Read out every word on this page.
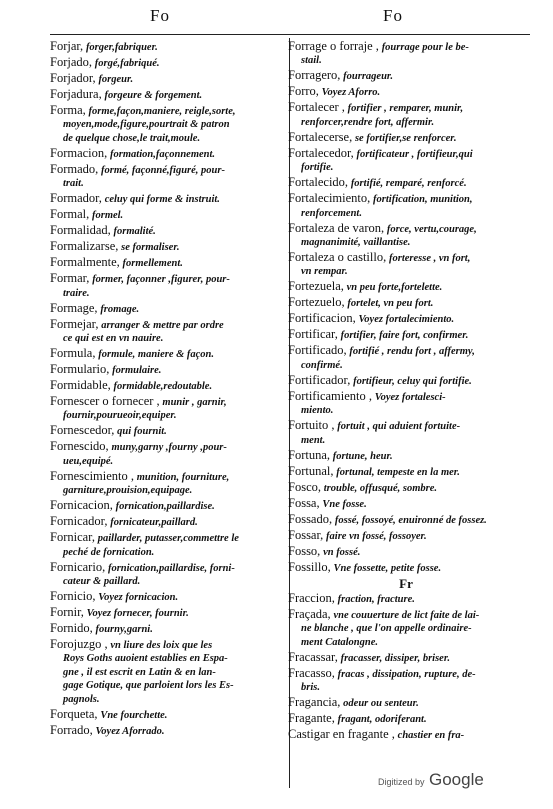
Fo	Fo
Forjar, forger,fabriquer.
Forjado, forgé,fabriqué.
Forjador, forgeur.
Forjadura, forgeure & forgement.
Forma, forme,façon,maniere, reigle,sorte,
moyen,mode,figure,pourtrait & patron
de quelque chose,le trait,moule.
Formacion, formation,façonnement.
Formado, formé, façonné,figuré, pour-
trait.
Formador, celuy qui forme & instruit.
Formal, formel.
Formalidad, formalité.
Formalizarse, se formaliser.
Formalmente, formellement.
Formar, former, façonner ,figurer, pour-
traire.
Formage, fromage.
Formejar, arranger & mettre par ordre
ce qui est en vn nauire.
Formula, formule, maniere & façon.
Formulario, formulaire.
Formidable, formidable,redoutable.
Fornescer o fornecer , munir , garnir,
fournir,pourueoir,equiper.
Fornescedor, qui fournit.
Fornescido, muny,garny ,fourny ,pour-
ueu,equipé.
Fornescimiento , munition, fourniture,
garniture,prouision,equipage.
Fornicacion, fornication,paillardise.
Fornicador, fornicateur,paillard.
Fornicar, paillarder, putasser,commettre le
peché de fornication.
Fornicario, fornication,paillardise, forni-
cateur & paillard.
Fornicio, Voyez fornicacion.
Fornir, Voyez fornecer, fournir.
Fornido, fourny,garni.
Forojuzgo , vn liure des loix que les
Roys Goths auoient establies en Espa-
gne , il est escrit en Latin & en lan-
gage Gotique, que parloient lors les Es-
pagnols.
Forqueta, Vne fourchette.
Forrado, Voyez Aforrado.
Forrage o forraje , fourrage pour le be-
stail.
Forragero, fourrageur.
Forro, Voyez Aforro.
Fortalecer , fortifier , remparer, munir,
renforcer,rendre fort, affermir.
Fortalecerse, se fortifier,se renforcer.
Fortalecedor, fortificateur , fortifieur,qui
fortifie.
Fortalecido, fortifié, remparé, renforcé.
Fortalecimiento, fortification, munition,
renforcement.
Fortaleza de varon, force, vertu,courage,
magnanimité, vaillantise.
Fortaleza o castillo, forteresse , vn fort,
vn rempar.
Fortezuela, vn peu forte,fortelette.
Fortezuelo, fortelet, vn peu fort.
Fortificacion, Voyez fortalecimiento.
Fortificar, fortifier, faire fort, confirmer.
Fortificado, fortifié , rendu fort , affermy,
confirmé.
Fortificador, fortifieur, celuy qui fortifie.
Fortificamiento , Voyez fortalesci-
miento.
Fortuito , fortuit , qui aduient fortuite-
ment.
Fortuna, fortune, heur.
Fortunal, fortunal, tempeste en la mer.
Fosco, trouble, offusqué, sombre.
Fossa, Vne fosse.
Fossado, fossé, fossoyé, enuironné de fossez.
Fossar, faire vn fossé, fossoyer.
Fosso, vn fossé.
Fossillo, Vne fossette, petite fosse.
Fr
Fraccion, fraction, fracture.
Fraçada, vne couuerture de lict faite de lai-
ne blanche , que l'on appelle ordinaire-
ment Catalongne.
Fracassar, fracasser, dissiper, briser.
Fracasso, fracas , dissipation, rupture, de-
bris.
Fragancia, odeur ou senteur.
Fragante, fragant, odoriferant.
Castigar en fragante , chastier en fra-
Digitized by Google
